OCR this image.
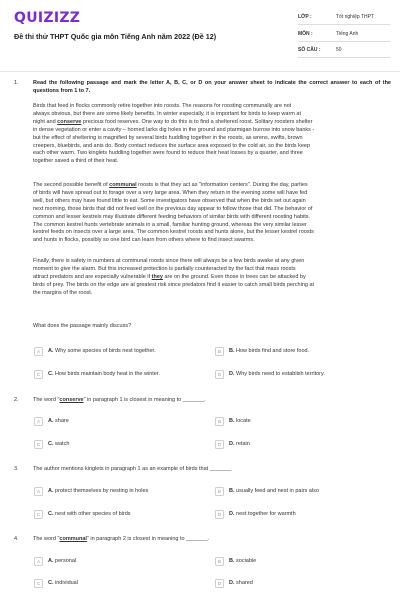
QUIZIZZ
Đề thi thử THPT Quốc gia môn Tiếng Anh năm 2022 (Đề 12)
LỚP :	Tốt nghiệp THPT
MÔN :	Tiếng Anh
SỐ CÂU :	50
1.	Read the following passage and mark the letter A, B, C, or D on your answer sheet to indicate the correct answer to each of the questions from 1 to 7.
Birds that feed in flocks commonly retire together into roosts. The reasons for roosting communally are not
always obvious, but there are some likely benefits. In winter especially, it is important for birds to keep warm at
night and conserve precious food reserves. One way to do this is to find a sheltered roost. Solitary roosters shelter
in dense vegetation or enter a cavity – horned larks dig holes in the ground and ptarmigan burrow into snow banks -
but the effect of sheltering is magnified by several birds huddling together in the roosts, as wrens, swifts, brown
creepers, bluebirds, and anis do. Body contact reduces the surface area exposed to the cold air, so the birds keep
each other warm. Two kinglets huddling together were found to reduce their heat losses by a quarter, and three
together saved a third of their heat.
The second possible benefit of communal roosts is that they act as "information centers". During the day, parties
of birds will have spread out to forage over a very large area. When they return in the evening some will have fed
well, but others may have found little to eat. Some investigators have observed that when the birds set out again
next morning, those birds that did not feed well on the previous day appear to follow those that did. The behavior of
common and lesser kestrels may illustrate different feeding behaviors of similar birds with different roosting habits.
The common kestrel hunts vertebrate animals in a small, familiar hunting ground, whereas the very similar lesser
kestrel feeds on insects over a large area. The common kestrel roosts and hunts alone, but the lesser kestrel roosts
and hunts in flocks, possibly so one bird can learn from others where to find insect swarms.
Finally, there is safety in numbers at communal roosts since there will always be a few birds awake at any given
moment to give the alarm. But this increased protection is partially counteracted by the fact that mass roosts
attract predators and are especially vulnerable if they are on the ground. Even those in trees can be attacked by
birds of prey. The birds on the edge are at greatest risk since predators find it easier to catch small birds perching at
the margins of the roost.
What does the passage mainly discuss?
A	A. Why some species of birds nest together.	B	B. How birds find and store food.
C	C. How birds maintain body heat in the winter.	D	D. Why birds need to establish territory.
2.	The word "conserve" in paragraph 1 is closest in meaning to _______.
A	A. share	B	B. locate
C	C. watch	D	D. retain
3.	The author mentions kinglets in paragraph 1 as an example of birds that _______
A	A. protect themselves by nesting in holes	B	B. usually feed and nest in pairs also
C	C. nest with other species of birds	D	D. nest together for warmth
4.	The word "communal" in paragraph 2 is closest in meaning to _______.
A	A. personal	B	B. sociable
C	C. individual	D	D. shared
